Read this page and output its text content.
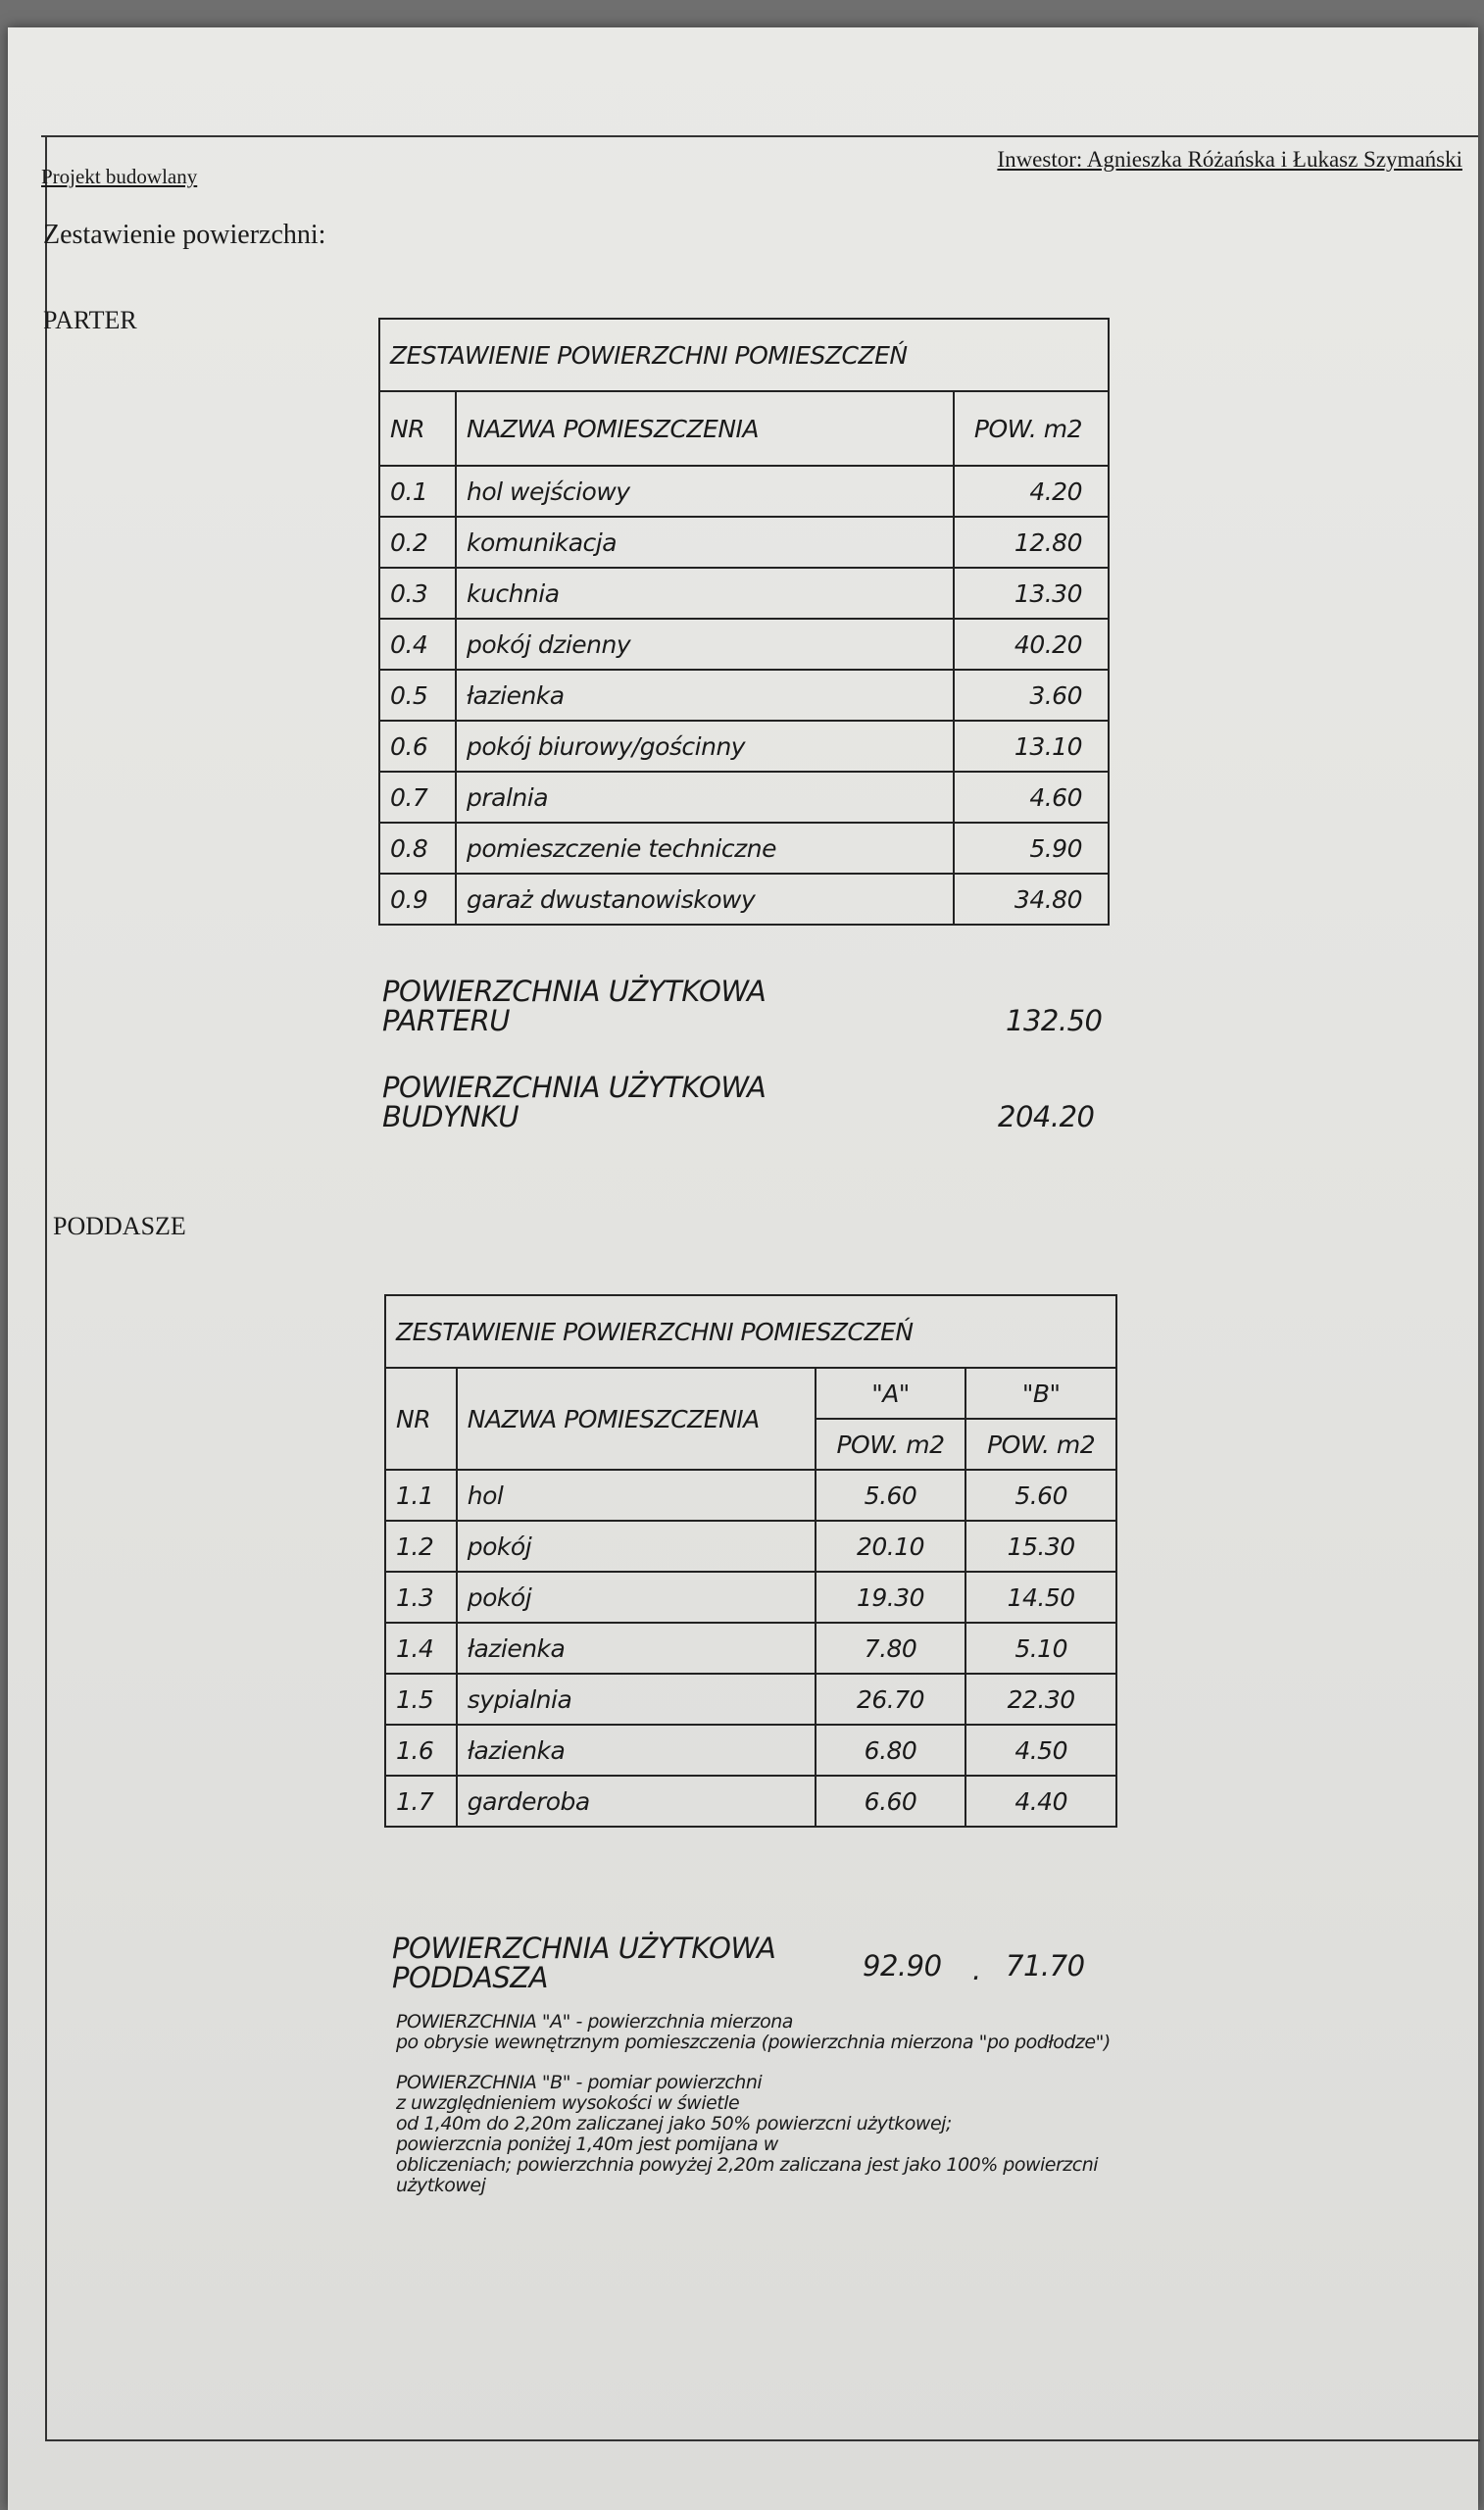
Projekt budowlany
Inwestor: Agnieszka Różańska i Łukasz Szymański
Zestawienie powierzchni:
PARTER
ZESTAWIENIE POWIERZCHNI POMIESZCZEŃ		
NR	NAZWA POMIESZCZENIA	POW. m2
0.1	hol wejściowy	4.20
0.2	komunikacja	12.80
0.3	kuchnia	13.30
0.4	pokój dzienny	40.20
0.5	łazienka	3.60
0.6	pokój biurowy/gościnny	13.10
0.7	pralnia	4.60
0.8	pomieszczenie techniczne	5.90
0.9	garaż dwustanowiskowy	34.80
POWIERZCHNIA UŻYTKOWA
PARTERU	132.50
POWIERZCHNIA UŻYTKOWA
BUDYNKU	204.20
PODDASZE
ZESTAWIENIE POWIERZCHNI POMIESZCZEŃ			
NR	NAZWA POMIESZCZENIA	"A"	"B"
		POW. m2	POW. m2
1.1	hol	5.60	5.60
1.2	pokój	20.10	15.30
1.3	pokój	19.30	14.50
1.4	łazienka	7.80	5.10
1.5	sypialnia	26.70	22.30
1.6	łazienka	6.80	4.50
1.7	garderoba	6.60	4.40
POWIERZCHNIA UŻYTKOWA
PODDASZA	92.90 . 71.70
POWIERZCHNIA "A" - powierzchnia mierzona
po obrysie wewnętrznym pomieszczenia (powierzchnia mierzona "po podłodze")
POWIERZCHNIA "B" - pomiar powierzchni
z uwzględnieniem wysokości w świetle
od 1,40m do 2,20m zaliczanej jako 50% powierzcni użytkowej;
powierzcnia poniżej 1,40m jest pomijana w
obliczeniach; powierzchnia powyżej 2,20m zaliczana jest jako 100% powierzcni
użytkowej
